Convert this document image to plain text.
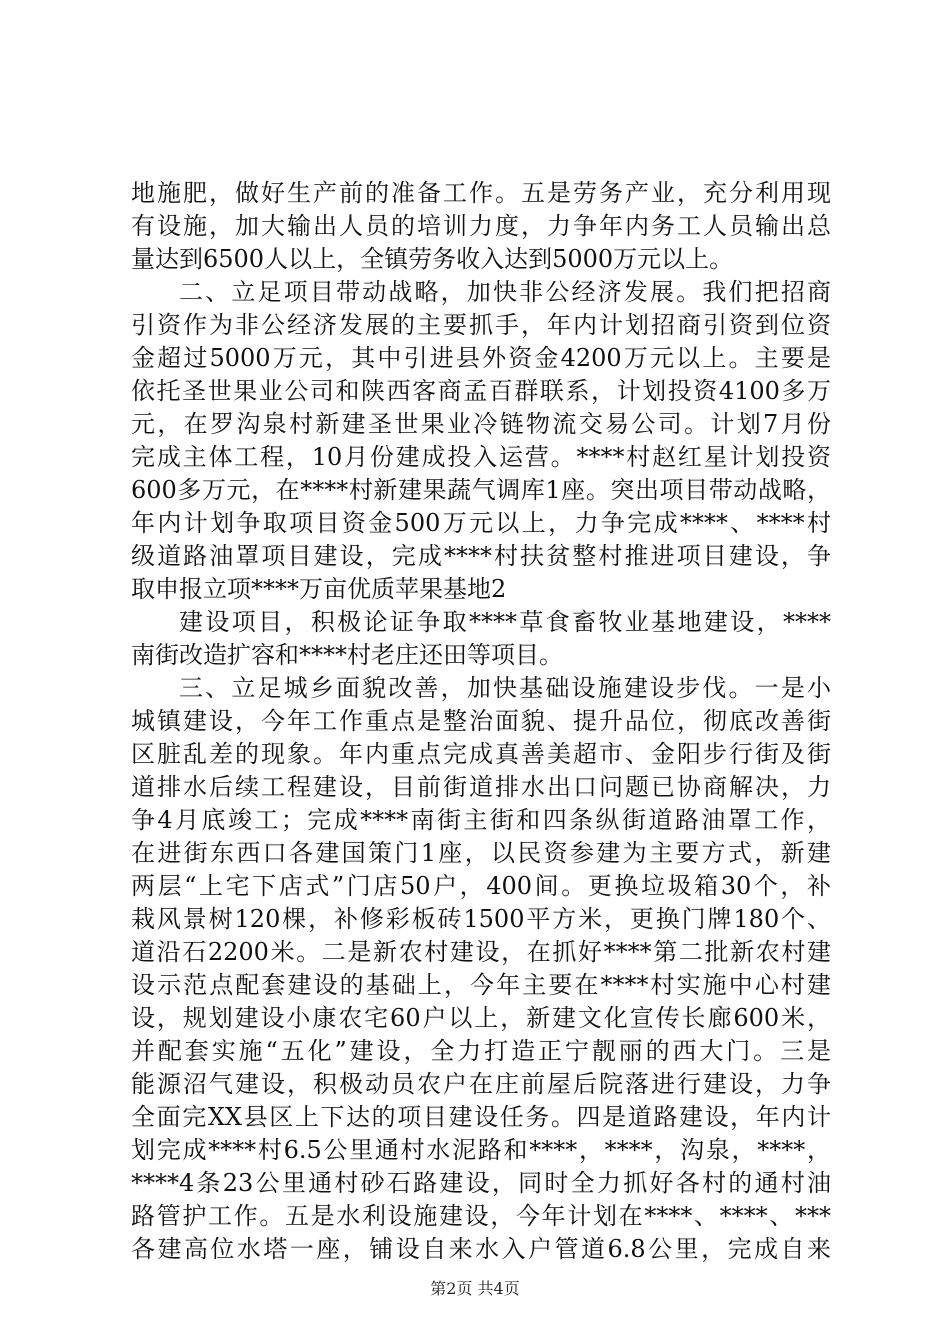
地施肥，做好生产前的准备工作。五是劳务产业，充分利用现
有设施，加大输出人员的培训力度，力争年内务工人员输出总
量达到6500人以上，全镇劳务收入达到5000万元以上。
二、立足项目带动战略，加快非公经济发展。我们把招商
引资作为非公经济发展的主要抓手，年内计划招商引资到位资
金超过5000万元，其中引进县外资金4200万元以上。主要是
依托圣世果业公司和陕西客商孟百群联系，计划投资4100多万
元，在罗沟泉村新建圣世果业冷链物流交易公司。计划7月份
完成主体工程，10月份建成投入运营。****村赵红星计划投资
600多万元，在****村新建果蔬气调库1座。突出项目带动战略，
年内计划争取项目资金500万元以上，力争完成****、****村
级道路油罩项目建设，完成****村扶贫整村推进项目建设，争
取申报立项****万亩优质苹果基地2
建设项目，积极论证争取****草食畜牧业基地建设，****
南街改造扩容和****村老庄还田等项目。
三、立足城乡面貌改善，加快基础设施建设步伐。一是小
城镇建设，今年工作重点是整治面貌、提升品位，彻底改善街
区脏乱差的现象。年内重点完成真善美超市、金阳步行街及街
道排水后续工程建设，目前街道排水出口问题已协商解决，力
争4月底竣工；完成****南街主街和四条纵街道路油罩工作，
在进街东西口各建国策门1座，以民资参建为主要方式，新建
两层“上宅下店式”门店50户，400间。更换垃圾箱30个，补
栽风景树120棵，补修彩板砖1500平方米，更换门牌180个、
道沿石2200米。二是新农村建设，在抓好****第二批新农村建
设示范点配套建设的基础上，今年主要在****村实施中心村建
设，规划建设小康农宅60户以上，新建文化宣传长廊600米，
并配套实施“五化”建设，全力打造正宁靓丽的西大门。三是
能源沼气建设，积极动员农户在庄前屋后院落进行建设，力争
全面完XX县区上下达的项目建设任务。四是道路建设，年内计
划完成****村6.5公里通村水泥路和****，****，沟泉，****，
****4条23公里通村砂石路建设，同时全力抓好各村的通村油
路管护工作。五是水利设施建设，今年计划在****、****、***
各建高位水塔一座，铺设自来水入户管道6.8公里，完成自来
第2页 共4页
